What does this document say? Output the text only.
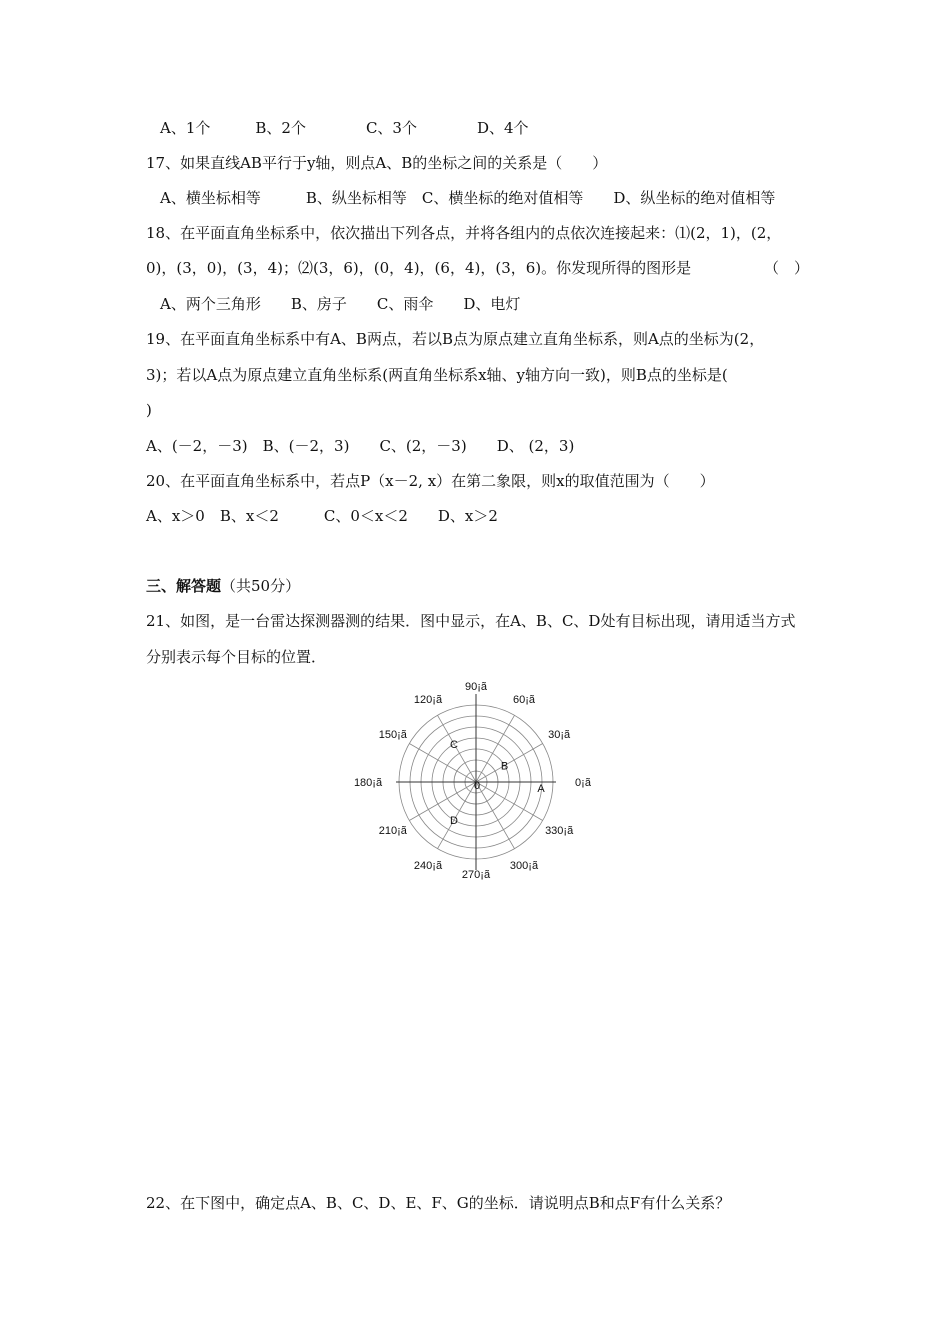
A、1个　　　B、2个　　　　C、3个　　　　D、4个
17、如果直线AB平行于y轴，则点A、B的坐标之间的关系是（　　）
A、横坐标相等　　　B、纵坐标相等　C、横坐标的绝对值相等　　D、纵坐标的绝对值相等
18、在平面直角坐标系中，依次描出下列各点，并将各组内的点依次连接起来：⑴(2，1)，(2，
0)，(3，0)，(3，4)；⑵(3，6)，(0，4)，(6，4)，(3，6)。你发现所得的图形是	（　）
A、两个三角形　　B、房子　　C、雨伞　　D、电灯
19、在平面直角坐标系中有A、B两点，若以B点为原点建立直角坐标系，则A点的坐标为(2，
3)；若以A点为原点建立直角坐标系(两直角坐标系x轴、y轴方向一致)，则B点的坐标是(
)
A、(－2，－3)　B、(－2，3)　　C、(2，－3)　　D、 (2，3)
20、在平面直角坐标系中，若点P（x－2, x）在第二象限，则x的取值范围为（　　）
A、x＞0　B、x＜2　　　C、0＜x＜2　　D、x＞2
三、解答题（共50分）
21、如图，是一台雷达探测器测的结果．图中显示，在A、B、C、D处有目标出现，请用适当方式
分别表示每个目标的位置．
0¡ã
30¡ã
60¡ã
90¡ã
120¡ã
150¡ã
180¡ã
210¡ã
240¡ã
270¡ã
300¡ã
330¡ã
A
B
C
D
0
22、在下图中，确定点A、B、C、D、E、F、G的坐标．请说明点B和点F有什么关系？
